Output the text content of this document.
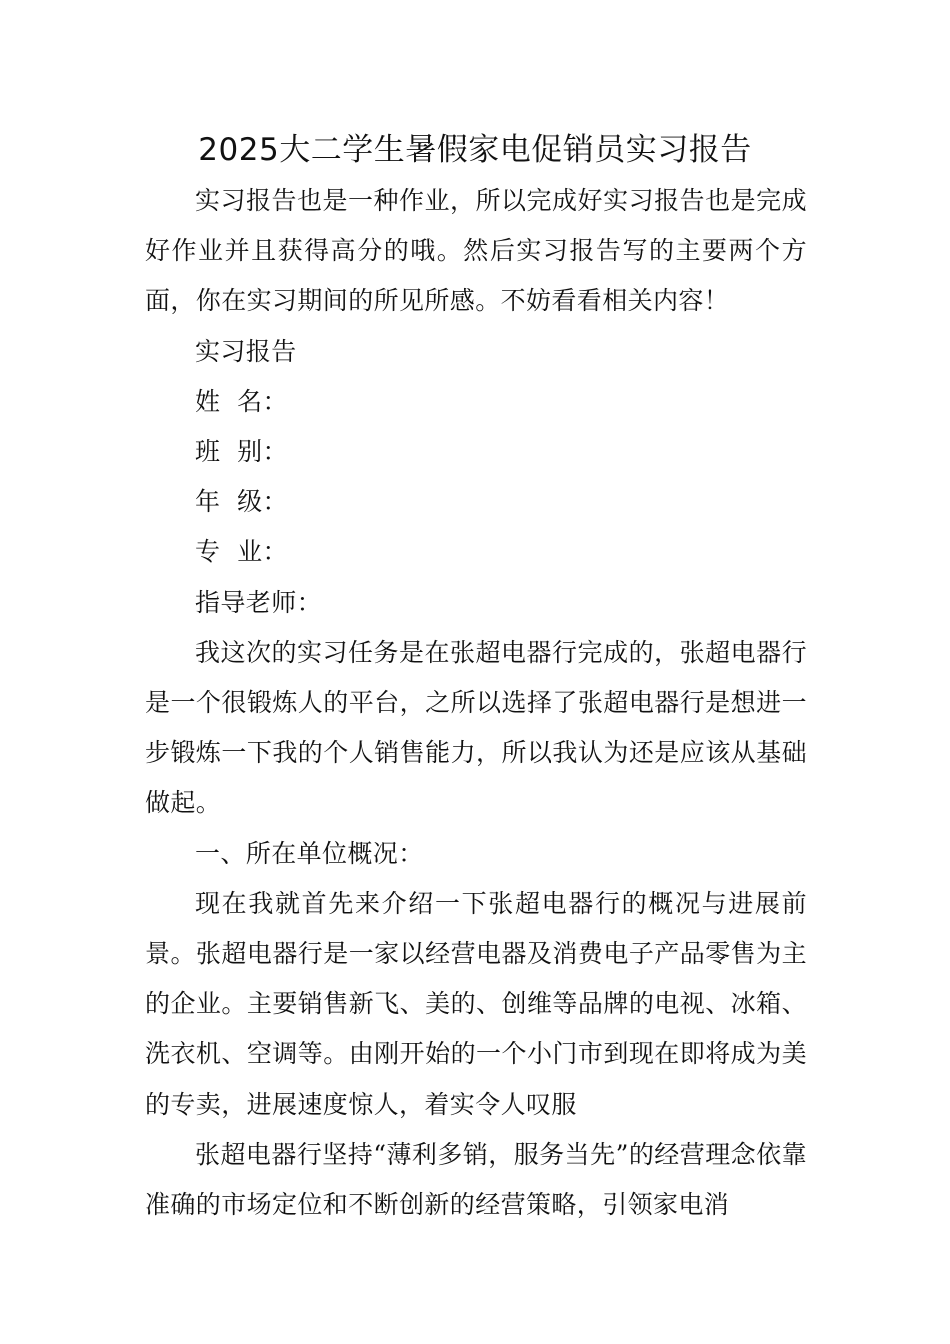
2025大二学生暑假家电促销员实习报告

实习报告也是一种作业，所以完成好实习报告也是完成好作业并且获得高分的哦。然后实习报告写的主要两个方面，你在实习期间的所见所感。不妨看看相关内容！

实习报告

姓  名：

班  别：

年  级：

专  业：

指导老师：

我这次的实习任务是在张超电器行完成的，张超电器行是一个很锻炼人的平台，之所以选择了张超电器行是想进一步锻炼一下我的个人销售能力，所以我认为还是应该从基础做起。

一、所在单位概况：

现在我就首先来介绍一下张超电器行的概况与进展前景。张超电器行是一家以经营电器及消费电子产品零售为主的企业。主要销售新飞、美的、创维等品牌的电视、冰箱、洗衣机、空调等。由刚开始的一个小门市到现在即将成为美的专卖，进展速度惊人，着实令人叹服

张超电器行坚持“薄利多销，服务当先”的经营理念依靠准确的市场定位和不断创新的经营策略，引领家电消
